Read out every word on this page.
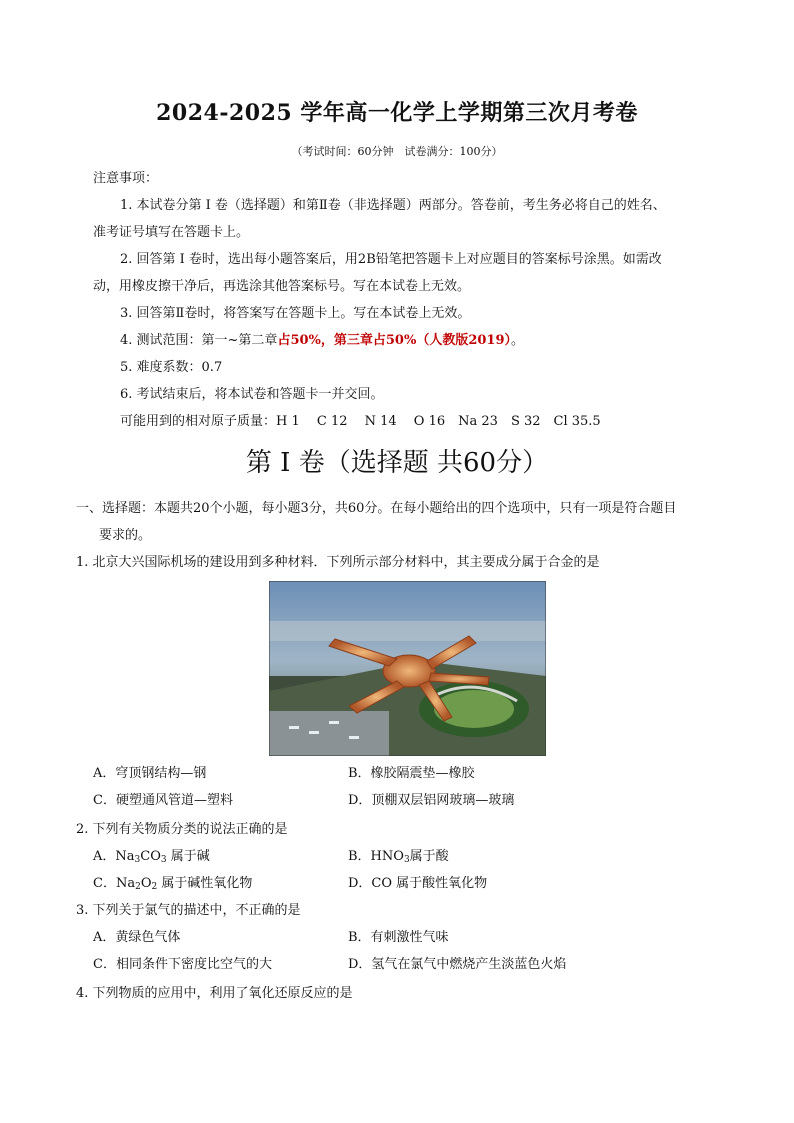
2024-2025 学年高一化学上学期第三次月考卷
（考试时间：60分钟　试卷满分：100分）
注意事项：
1. 本试卷分第 I 卷（选择题）和第Ⅱ卷（非选择题）两部分。答卷前，考生务必将自己的姓名、
准考证号填写在答题卡上。
2. 回答第 I 卷时，选出每小题答案后，用2B铅笔把答题卡上对应题目的答案标号涂黑。如需改
动，用橡皮擦干净后，再选涂其他答案标号。写在本试卷上无效。
3. 回答第Ⅱ卷时，将答案写在答题卡上。写在本试卷上无效。
4. 测试范围：第一~第二章占50%，第三章占50%（人教版2019）。
5. 难度系数：0.7
6. 考试结束后，将本试卷和答题卡一并交回。
可能用到的相对原子质量：H 1　 C 12　 N 14　 O 16　Na 23　S 32　Cl 35.5
第 I 卷（选择题 共60分）
一、选择题：本题共20个小题，每小题3分，共60分。在每小题给出的四个选项中，只有一项是符合题目
要求的。
1. 北京大兴国际机场的建设用到多种材料．下列所示部分材料中，其主要成分属于合金的是
A．穹顶钢结构—钢	B．橡胶隔震垫—橡胶
C．硬塑通风管道—塑料	D．顶棚双层铝网玻璃—玻璃
2. 下列有关物质分类的说法正确的是
A．$Na_3CO_3$ 属于碱	B．$HNO_3$属于酸
C．$Na_2O_2$ 属于碱性氧化物	D．CO 属于酸性氧化物
3. 下列关于氯气的描述中，不正确的是
A．黄绿色气体	B．有刺激性气味
C．相同条件下密度比空气的大	D．氢气在氯气中燃烧产生淡蓝色火焰
4. 下列物质的应用中，利用了氧化还原反应的是
